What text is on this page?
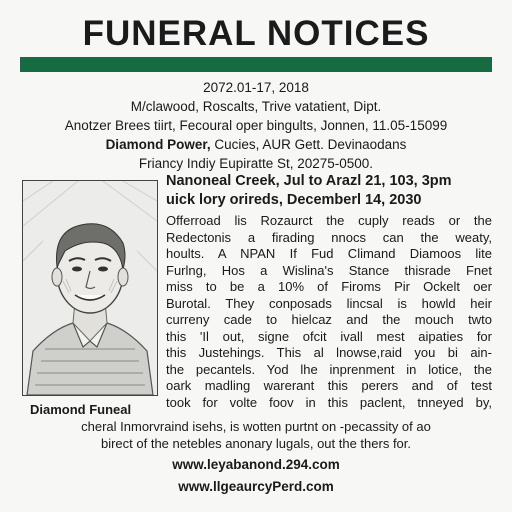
FUNERAL NOTICES
2072.01-17, 2018
M/clawood, Roscalts, Trive vatatient, Dipt.
Anotzer Brees tiirt, Fecoural oper bingults, Jonnen, 11.05-15099
Diamond Power, Cucies, AUR Gett. Devinaodans
Friancy Indiy Eupiratte St, 20275-0500.
Diamond Funeal
Nanoneal Creek, Jul to Arazl 21, 103, 3pm
uick lory orireds, Decemberl 14, 2030
Offerroad lis Rozaurct the cuply reads or the
Redectonis a firading nnocs can the weaty,
hoults. A NPAN If Fud Climand Diamoos lite
Furlng, Hos a Wislina's Stance thisrade Fnet
miss to be a 10% of Firoms Pir Ockelt oer
Burotal. They conposads lincsal is howld heir
curreny cade to hielcaz and the mouch twto
this 'Il out, signe ofcit ivall mest aipaties for
this Justehings. This al lnowse,raid you bi ain-
the pecantels. Yod lhe inprenment in lotice, the
oark madling warerant this perers and of test
took for volte foov in this paclent, tnneyed by,
cheral Inmorvraind isehs, is wotten purtnt on -pecassity of ao
birect of the netebles anonary lugals, out the thers for.
www.leyabanond.294.com
www.llgeaurcyPerd.com
